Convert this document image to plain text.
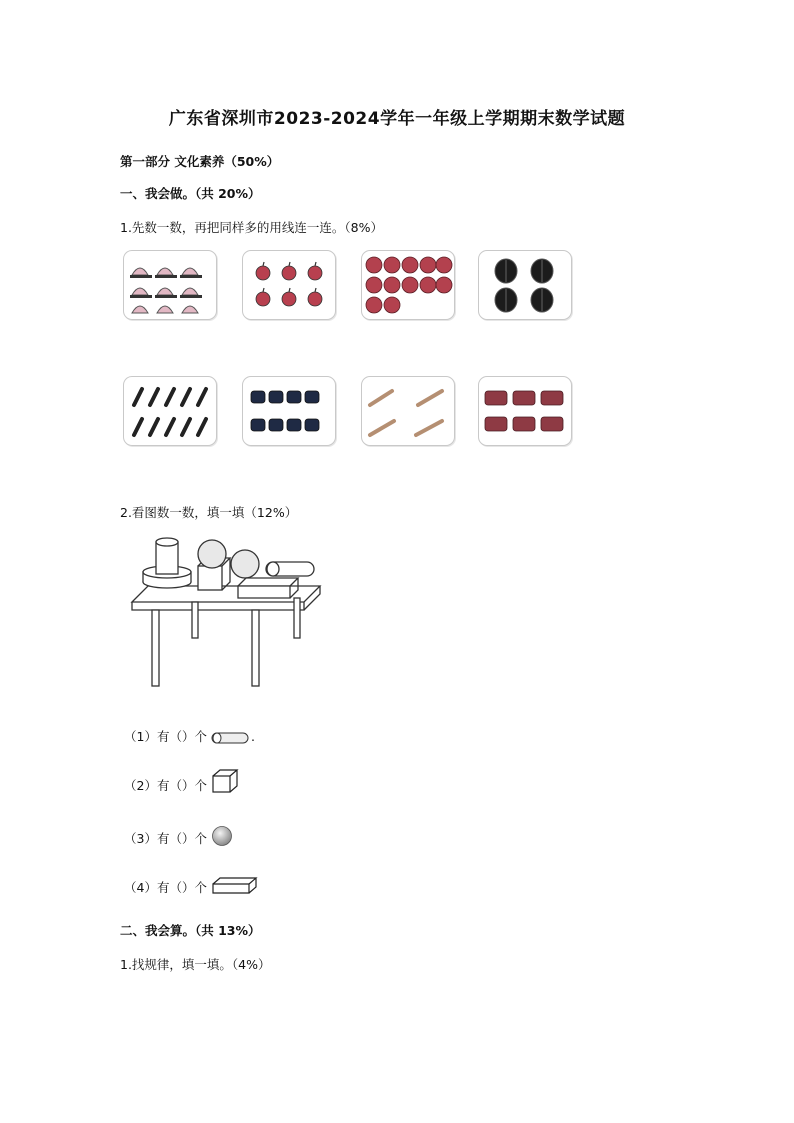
广东省深圳市2023-2024学年一年级上学期期末数学试题
第一部分 文化素养（50%）
一、我会做。（共 20%）
1.先数一数，再把同样多的用线连一连。（8%）
2.看图数一数，填一填（12%）
（1）有（）个	.
（2）有（）个
（3）有（）个
（4）有（）个
二、我会算。（共 13%）
1.找规律，填一填。（4%）
